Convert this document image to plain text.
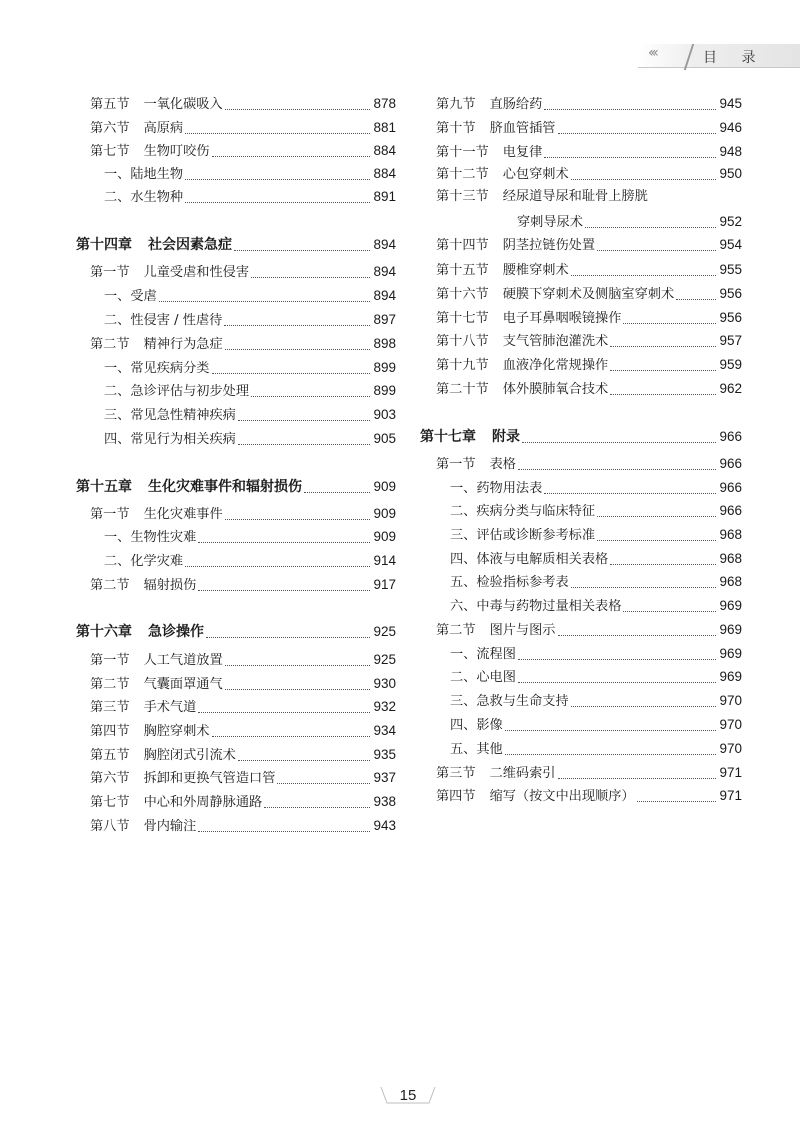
‹‹‹	目 录
第五节 一氧化碳吸入	878
第六节 高原病	881
第七节 生物叮咬伤	884
一、陆地生物	884
二、水生物种	891
第十四章 社会因素急症	894
第一节 儿童受虐和性侵害	894
一、受虐	894
二、性侵害 / 性虐待	897
第二节 精神行为急症	898
一、常见疾病分类	899
二、急诊评估与初步处理	899
三、常见急性精神疾病	903
四、常见行为相关疾病	905
第十五章 生化灾难事件和辐射损伤	909
第一节 生化灾难事件	909
一、生物性灾难	909
二、化学灾难	914
第二节 辐射损伤	917
第十六章 急诊操作	925
第一节 人工气道放置	925
第二节 气囊面罩通气	930
第三节 手术气道	932
第四节 胸腔穿刺术	934
第五节 胸腔闭式引流术	935
第六节 拆卸和更换气管造口管	937
第七节 中心和外周静脉通路	938
第八节 骨内输注	943
第九节 直肠给药	945
第十节 脐血管插管	946
第十一节 电复律	948
第十二节 心包穿刺术	950
第十三节 经尿道导尿和耻骨上膀胱
穿刺导尿术	952
第十四节 阴茎拉链伤处置	954
第十五节 腰椎穿刺术	955
第十六节 硬膜下穿刺术及侧脑室穿刺术	956
第十七节 电子耳鼻咽喉镜操作	956
第十八节 支气管肺泡灌洗术	957
第十九节 血液净化常规操作	959
第二十节 体外膜肺氧合技术	962
第十七章 附录	966
第一节 表格	966
一、药物用法表	966
二、疾病分类与临床特征	966
三、评估或诊断参考标准	968
四、体液与电解质相关表格	968
五、检验指标参考表	968
六、中毒与药物过量相关表格	969
第二节 图片与图示	969
一、流程图	969
二、心电图	969
三、急救与生命支持	970
四、影像	970
五、其他	970
第三节 二维码索引	971
第四节 缩写（按文中出现顺序）	971
15
